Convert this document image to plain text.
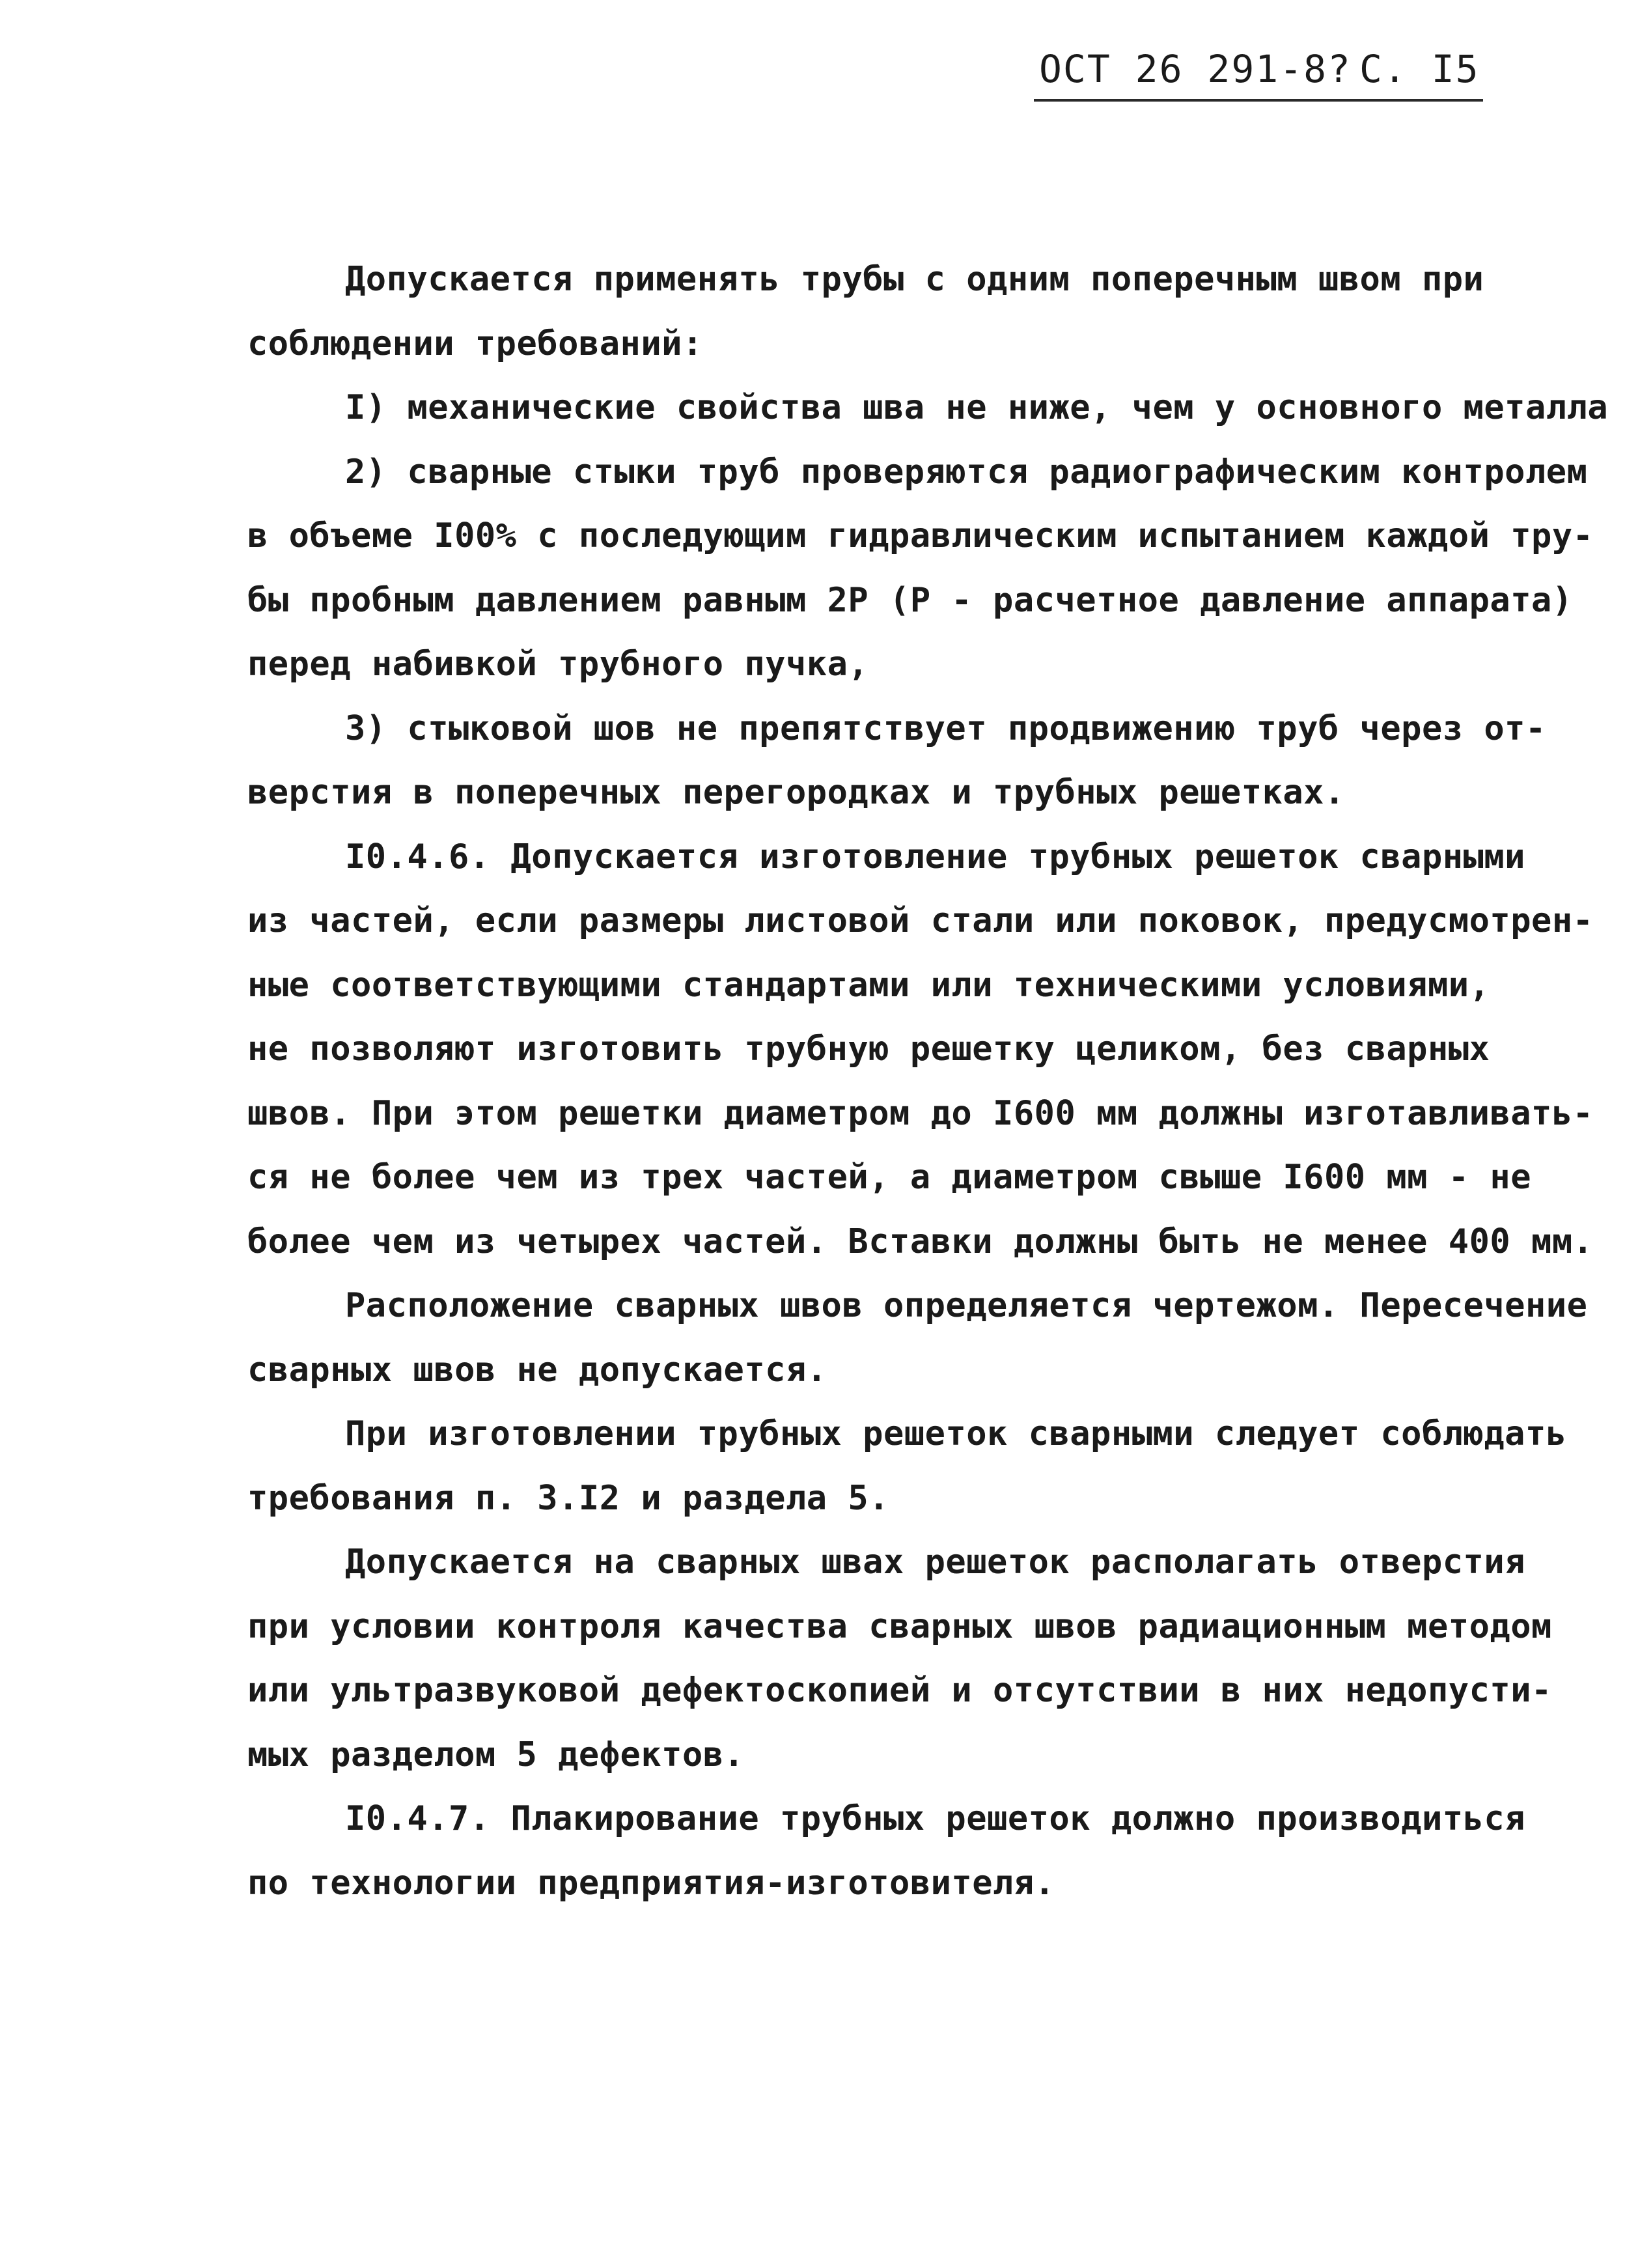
ОСТ 26 291-8? С. I5
Допускается применять трубы с одним поперечным швом при
соблюдении требований:
I) механические свойства шва не ниже, чем у основного металла
2) сварные стыки труб проверяются радиографическим контролем
в объеме I00% с последующим гидравлическим испытанием каждой тру-
бы пробным давлением равным 2Р (Р - расчетное давление аппарата)
перед набивкой трубного пучка,
3) стыковой шов не препятствует продвижению труб через от-
верстия в поперечных перегородках и трубных решетках.
I0.4.6. Допускается изготовление трубных решеток сварными
из частей, если размеры листовой стали или поковок, предусмотрен-
ные соответствующими стандартами или техническими условиями,
не позволяют изготовить трубную решетку целиком, без сварных
швов. При этом решетки диаметром до I600 мм должны изготавливать-
ся не более чем из трех частей, а диаметром свыше I600 мм - не
более чем из четырех частей. Вставки должны быть не менее 400 мм.
Расположение сварных швов определяется чертежом. Пересечение
сварных швов не допускается.
При изготовлении трубных решеток сварными следует соблюдать
требования п. 3.I2 и раздела 5.
Допускается на сварных швах решеток располагать отверстия
при условии контроля качества сварных швов радиационным методом
или ультразвуковой дефектоскопией и отсутствии в них недопусти-
мых разделом 5 дефектов.
I0.4.7. Плакирование трубных решеток должно производиться
по технологии предприятия-изготовителя.
